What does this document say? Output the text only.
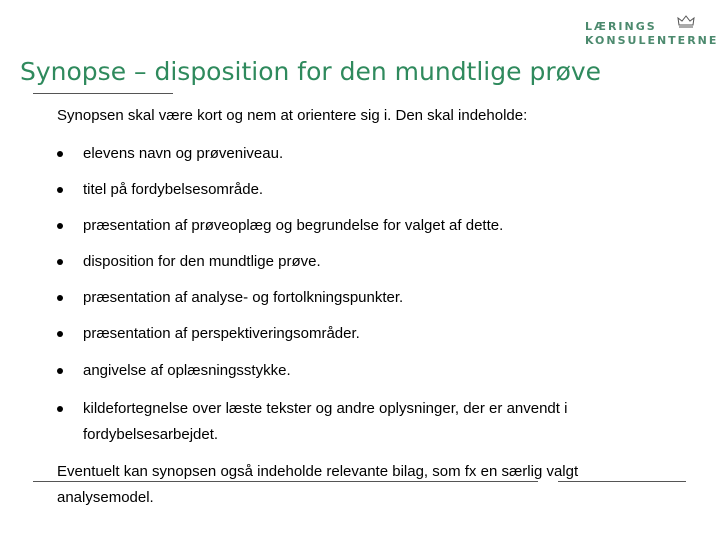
LÆRINGS
KONSULENTERNE
Synopse – disposition for den mundtlige prøve
Synopsen skal være kort og nem at orientere sig i. Den skal indeholde:
elevens navn og prøveniveau.
titel på fordybelsesområde.
præsentation af prøveoplæg og begrundelse for valget af dette.
disposition for den mundtlige prøve.
præsentation af analyse- og fortolkningspunkter.
præsentation af perspektiveringsområder.
angivelse af oplæsningsstykke.
kildefortegnelse over læste tekster og andre oplysninger, der er anvendt i fordybelsesarbejdet.
Eventuelt kan synopsen også indeholde relevante bilag, som fx en særlig valgt analysemodel.
